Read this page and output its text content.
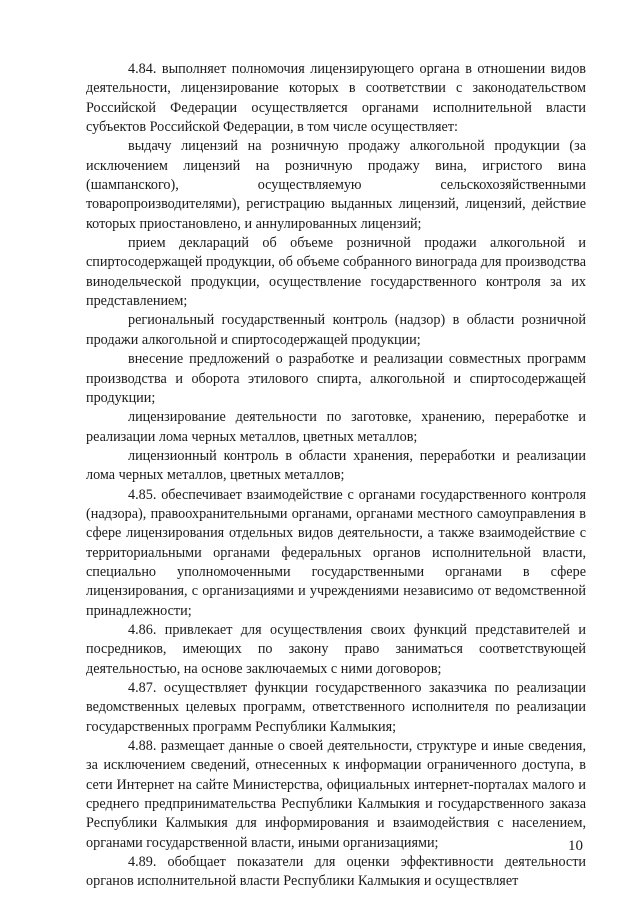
4.84. выполняет полномочия лицензирующего органа в отношении видов деятельности, лицензирование которых в соответствии с законодательством Российской Федерации осуществляется органами исполнительной власти субъектов Российской Федерации, в том числе осуществляет:

выдачу лицензий на розничную продажу алкогольной продукции (за исключением лицензий на розничную продажу вина, игристого вина (шампанского), осуществляемую сельскохозяйственными товаропроизводителями), регистрацию выданных лицензий, лицензий, действие которых приостановлено, и аннулированных лицензий;

прием деклараций об объеме розничной продажи алкогольной и спиртосодержащей продукции, об объеме собранного винограда для производства винодельческой продукции, осуществление государственного контроля за их представлением;

региональный государственный контроль (надзор) в области розничной продажи алкогольной и спиртосодержащей продукции;

внесение предложений о разработке и реализации совместных программ производства и оборота этилового спирта, алкогольной и спиртосодержащей продукции;

лицензирование деятельности по заготовке, хранению, переработке и реализации лома черных металлов, цветных металлов;

лицензионный контроль в области хранения, переработки и реализации лома черных металлов, цветных металлов;

4.85. обеспечивает взаимодействие с органами государственного контроля (надзора), правоохранительными органами, органами местного самоуправления в сфере лицензирования отдельных видов деятельности, а также взаимодействие с территориальными органами федеральных органов исполнительной власти, специально уполномоченными государственными органами в сфере лицензирования, с организациями и учреждениями независимо от ведомственной принадлежности;

4.86. привлекает для осуществления своих функций представителей и посредников, имеющих по закону право заниматься соответствующей деятельностью, на основе заключаемых с ними договоров;

4.87. осуществляет функции государственного заказчика по реализации ведомственных целевых программ, ответственного исполнителя по реализации государственных программ Республики Калмыкия;

4.88. размещает данные о своей деятельности, структуре и иные сведения, за исключением сведений, отнесенных к информации ограниченного доступа, в сети Интернет на сайте Министерства, официальных интернет-порталах малого и среднего предпринимательства Республики Калмыкия и государственного заказа Республики Калмыкия для информирования и взаимодействия с населением, органами государственной власти, иными организациями;

4.89. обобщает показатели для оценки эффективности деятельности органов исполнительной власти Республики Калмыкия и осуществляет

10
